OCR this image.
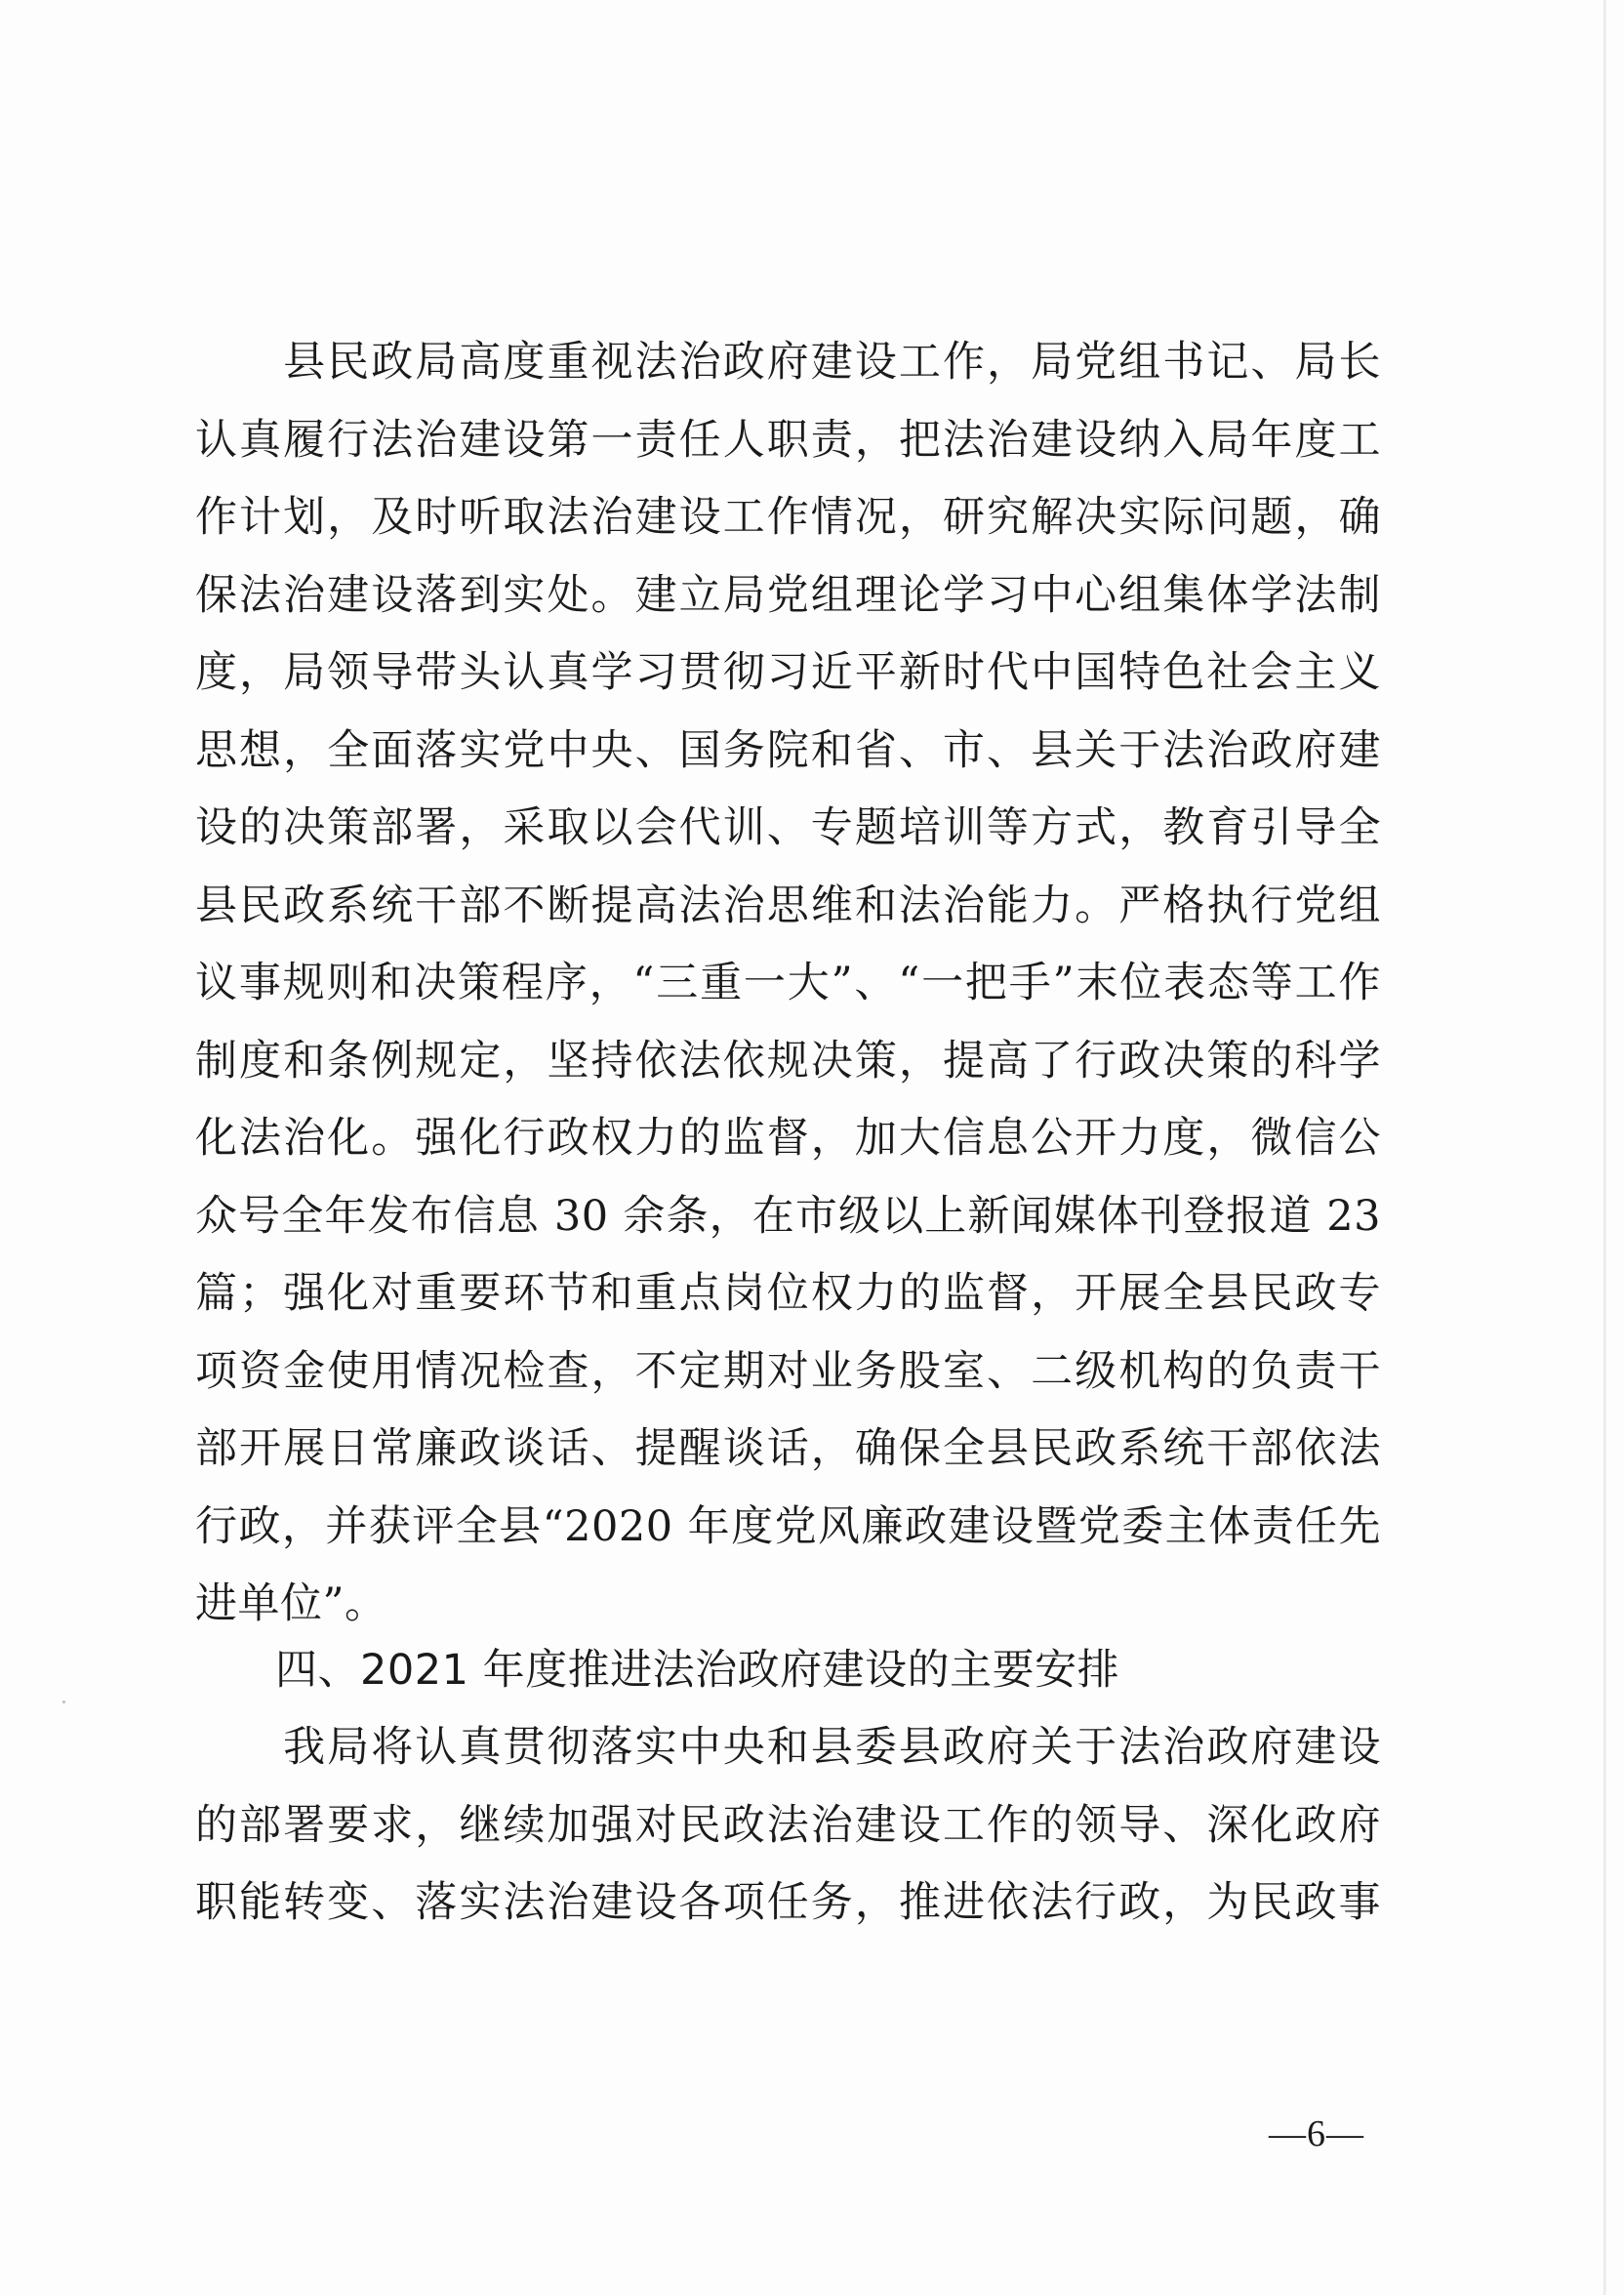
　　县民政局高度重视法治政府建设工作，局党组书记、局长
认真履行法治建设第一责任人职责，把法治建设纳入局年度工
作计划，及时听取法治建设工作情况，研究解决实际问题，确
保法治建设落到实处。建立局党组理论学习中心组集体学法制
度，局领导带头认真学习贯彻习近平新时代中国特色社会主义
思想，全面落实党中央、国务院和省、市、县关于法治政府建
设的决策部署，采取以会代训、专题培训等方式，教育引导全
县民政系统干部不断提高法治思维和法治能力。严格执行党组
议事规则和决策程序，“三重一大”、“一把手”末位表态等工作
制度和条例规定，坚持依法依规决策，提高了行政决策的科学
化法治化。强化行政权力的监督，加大信息公开力度，微信公
众号全年发布信息 30 余条，在市级以上新闻媒体刊登报道 23
篇；强化对重要环节和重点岗位权力的监督，开展全县民政专
项资金使用情况检查，不定期对业务股室、二级机构的负责干
部开展日常廉政谈话、提醒谈话，确保全县民政系统干部依法
行政，并获评全县“2020 年度党风廉政建设暨党委主体责任先
进单位”。
四、2021 年度推进法治政府建设的主要安排
　　我局将认真贯彻落实中央和县委县政府关于法治政府建设
的部署要求，继续加强对民政法治建设工作的领导、深化政府
职能转变、落实法治建设各项任务，推进依法行政，为民政事
—6—
